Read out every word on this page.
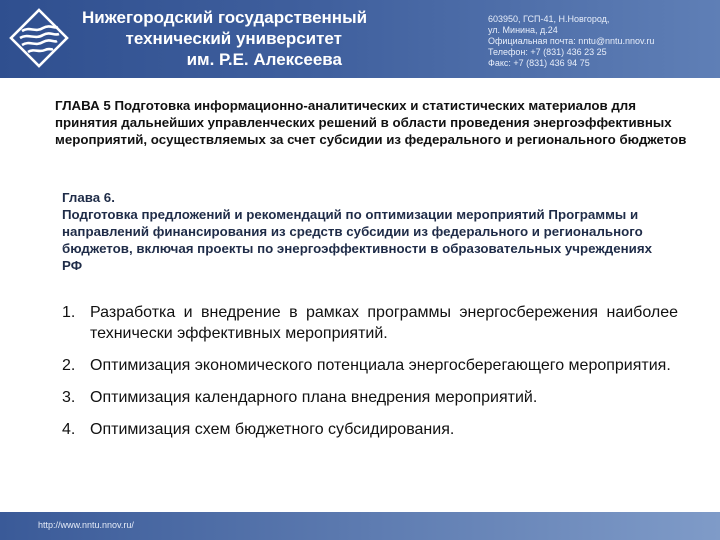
Нижегородский государственный
технический университет
им. Р.Е. Алексеева
603950, ГСП-41, Н.Новгород,
ул. Минина, д.24
Официальная почта: nntu@nntu.nnov.ru
Телефон: +7 (831) 436 23 25
Факс: +7 (831) 436 94 75
ГЛАВА 5 Подготовка информационно-аналитических и статистических материалов для принятия дальнейших управленческих решений в области проведения энергоэффективных мероприятий, осуществляемых за счет субсидии из федерального и регионального бюджетов
Глава 6.
Подготовка предложений и рекомендаций по оптимизации мероприятий Программы и направлений финансирования из средств субсидии из федерального и регионального бюджетов, включая проекты по энергоэффективности в образовательных учреждениях РФ
1. Разработка и внедрение в рамках программы энергосбережения наиболее технически эффективных мероприятий.
2. Оптимизация экономического потенциала энергосберегающего мероприятия.
3. Оптимизация календарного плана внедрения мероприятий.
4. Оптимизация схем бюджетного субсидирования.
http://www.nntu.nnov.ru/
